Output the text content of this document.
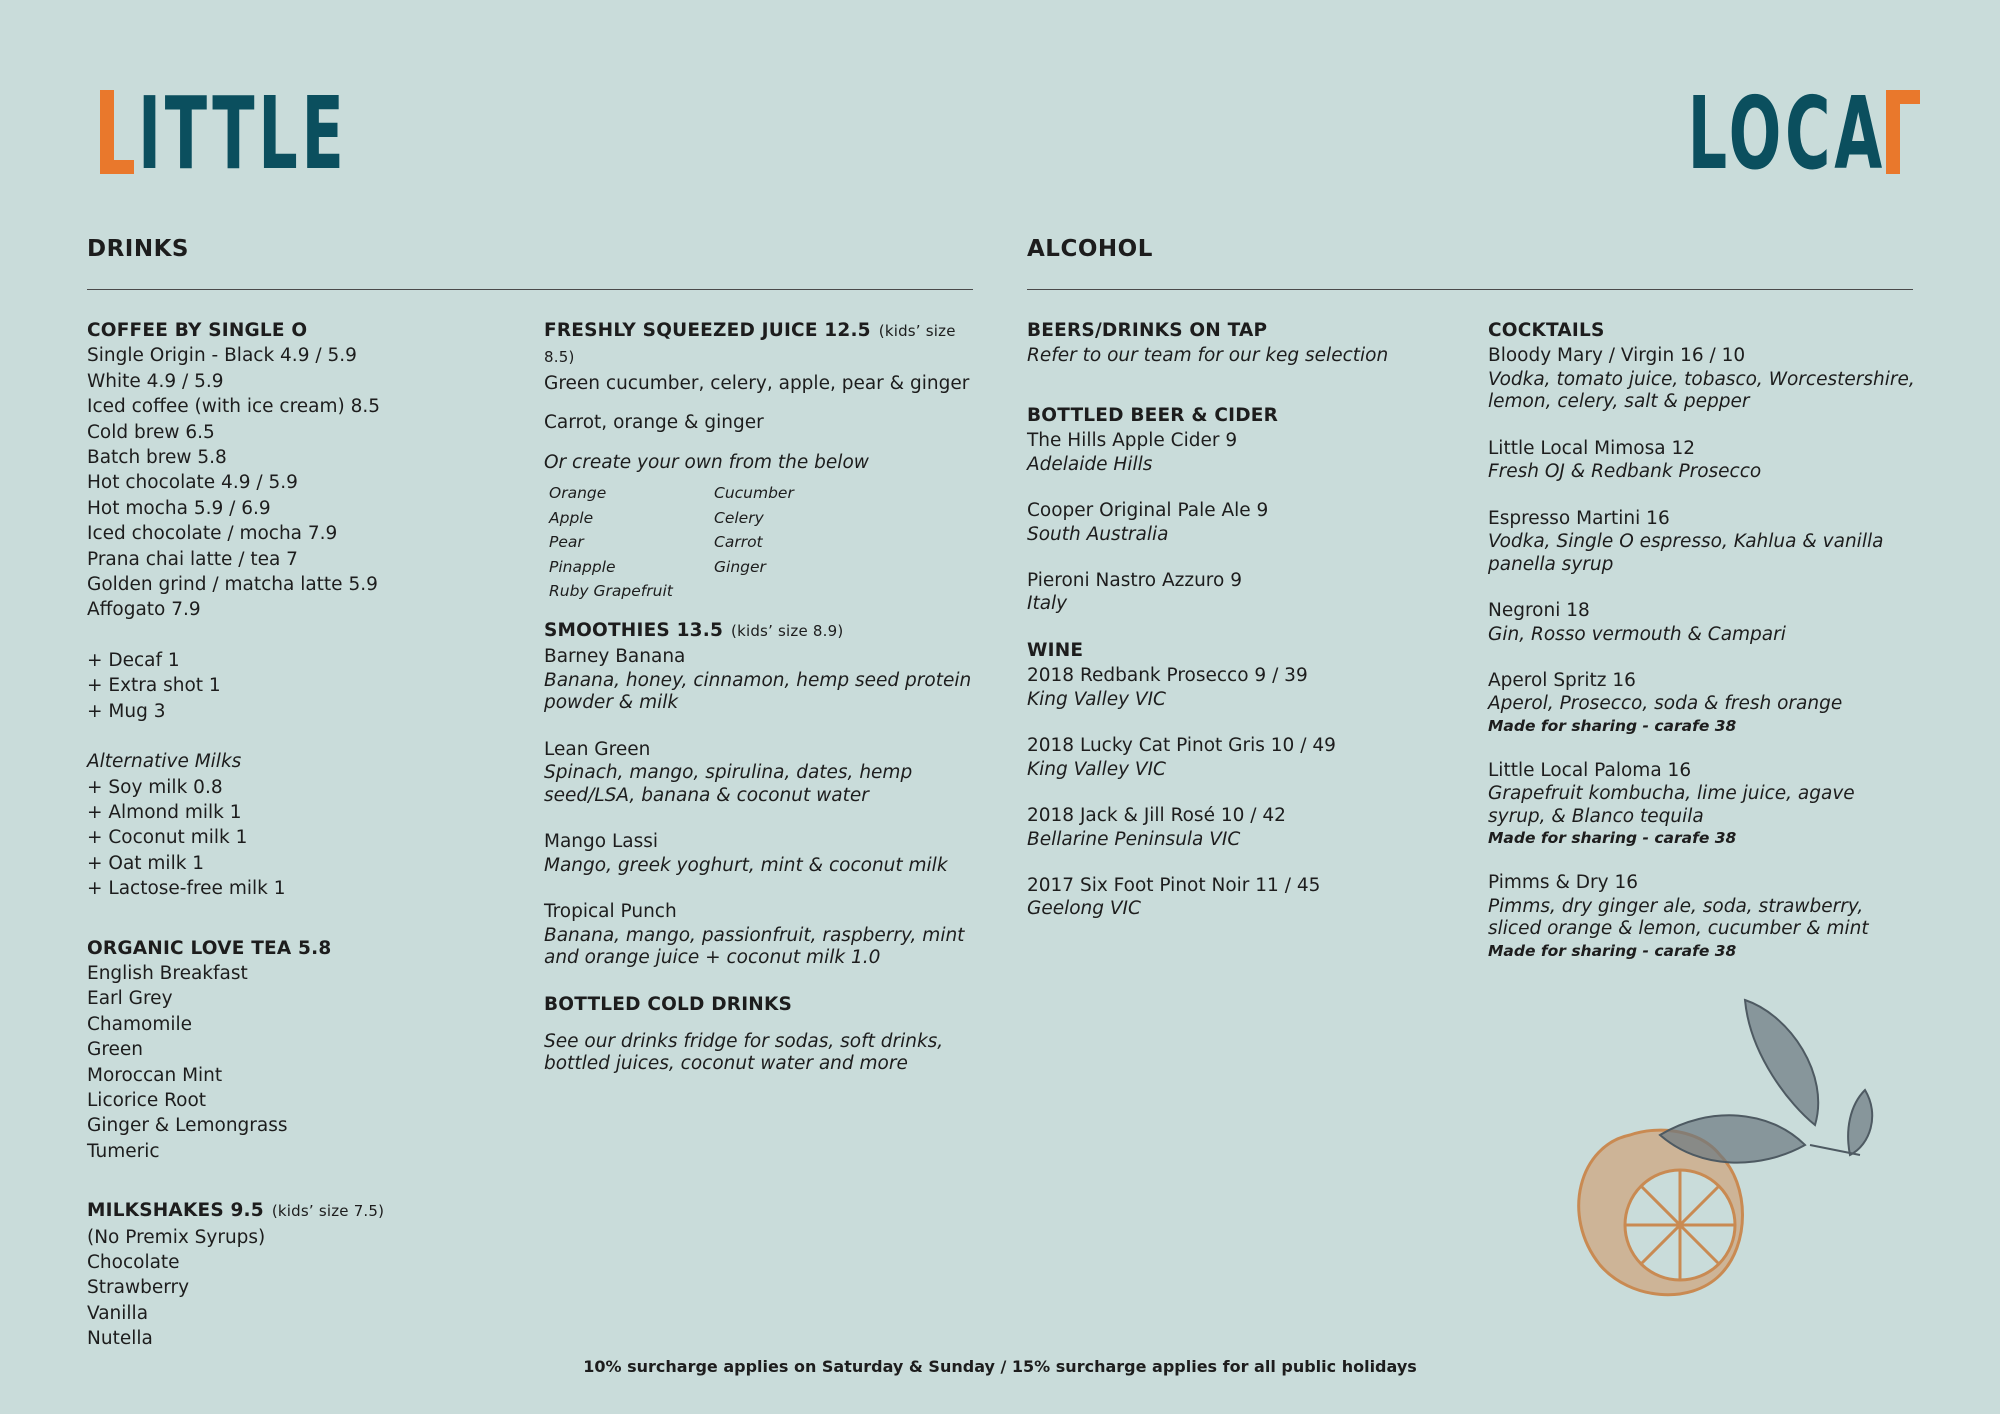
ITTLE	LOCA
DRINKS	ALCOHOL

COFFEE BY SINGLE O

Single Origin - Black 4.9 / 5.9

White 4.9 / 5.9

Iced coffee (with ice cream) 8.5

Cold brew 6.5

Batch brew 5.8

Hot chocolate 4.9 / 5.9

Hot mocha 5.9 / 6.9

Iced chocolate / mocha 7.9

Prana chai latte / tea 7

Golden grind / matcha latte 5.9

Affogato 7.9

+ Decaf 1

+ Extra shot 1

+ Mug 3

Alternative Milks

+ Soy milk 0.8

+ Almond milk 1

+ Coconut milk 1

+ Oat milk 1

+ Lactose-free milk 1

ORGANIC LOVE TEA 5.8

English Breakfast

Earl Grey

Chamomile

Green

Moroccan Mint

Licorice Root

Ginger & Lemongrass

Tumeric

MILKSHAKES 9.5 (kids’ size 7.5)

(No Premix Syrups)

Chocolate

Strawberry

Vanilla

Nutella

FRESHLY SQUEEZED JUICE 12.5 (kids’ size 8.5)

Green cucumber, celery, apple, pear & ginger

Carrot, orange & ginger

Or create your own from the below

Orange	Cucumber
Apple	Celery
Pear	Carrot
Pinapple	Ginger
Ruby Grapefruit

SMOOTHIES 13.5 (kids’ size 8.9)

Barney Banana

Banana, honey, cinnamon, hemp seed protein powder & milk

Lean Green

Spinach, mango, spirulina, dates, hemp seed/LSA, banana & coconut water

Mango Lassi

Mango, greek yoghurt, mint & coconut milk

Tropical Punch

Banana, mango, passionfruit, raspberry, mint and orange juice + coconut milk 1.0

BOTTLED COLD DRINKS

See our drinks fridge for sodas, soft drinks, bottled juices, coconut water and more

BEERS/DRINKS ON TAP

Refer to our team for our keg selection

BOTTLED BEER & CIDER

The Hills Apple Cider 9

Adelaide Hills

Cooper Original Pale Ale 9

South Australia

Pieroni Nastro Azzuro 9

Italy

WINE

2018 Redbank Prosecco 9 / 39

King Valley VIC

2018 Lucky Cat Pinot Gris 10 / 49

King Valley VIC

2018 Jack & Jill Rosé 10 / 42

Bellarine Peninsula VIC

2017 Six Foot Pinot Noir 11 / 45

Geelong VIC

COCKTAILS

Bloody Mary / Virgin 16 / 10

Vodka, tomato juice, tobasco, Worcestershire, lemon, celery, salt & pepper

Little Local Mimosa 12

Fresh OJ & Redbank Prosecco

Espresso Martini 16

Vodka, Single O espresso, Kahlua & vanilla panella syrup

Negroni 18

Gin, Rosso vermouth & Campari

Aperol Spritz 16

Aperol, Prosecco, soda & fresh orange

Made for sharing - carafe 38

Little Local Paloma 16

Grapefruit kombucha, lime juice, agave syrup, & Blanco tequila

Made for sharing - carafe 38

Pimms & Dry 16

Pimms, dry ginger ale, soda, strawberry, sliced orange & lemon, cucumber & mint

Made for sharing - carafe 38

10% surcharge applies on Saturday & Sunday / 15% surcharge applies for all public holidays
